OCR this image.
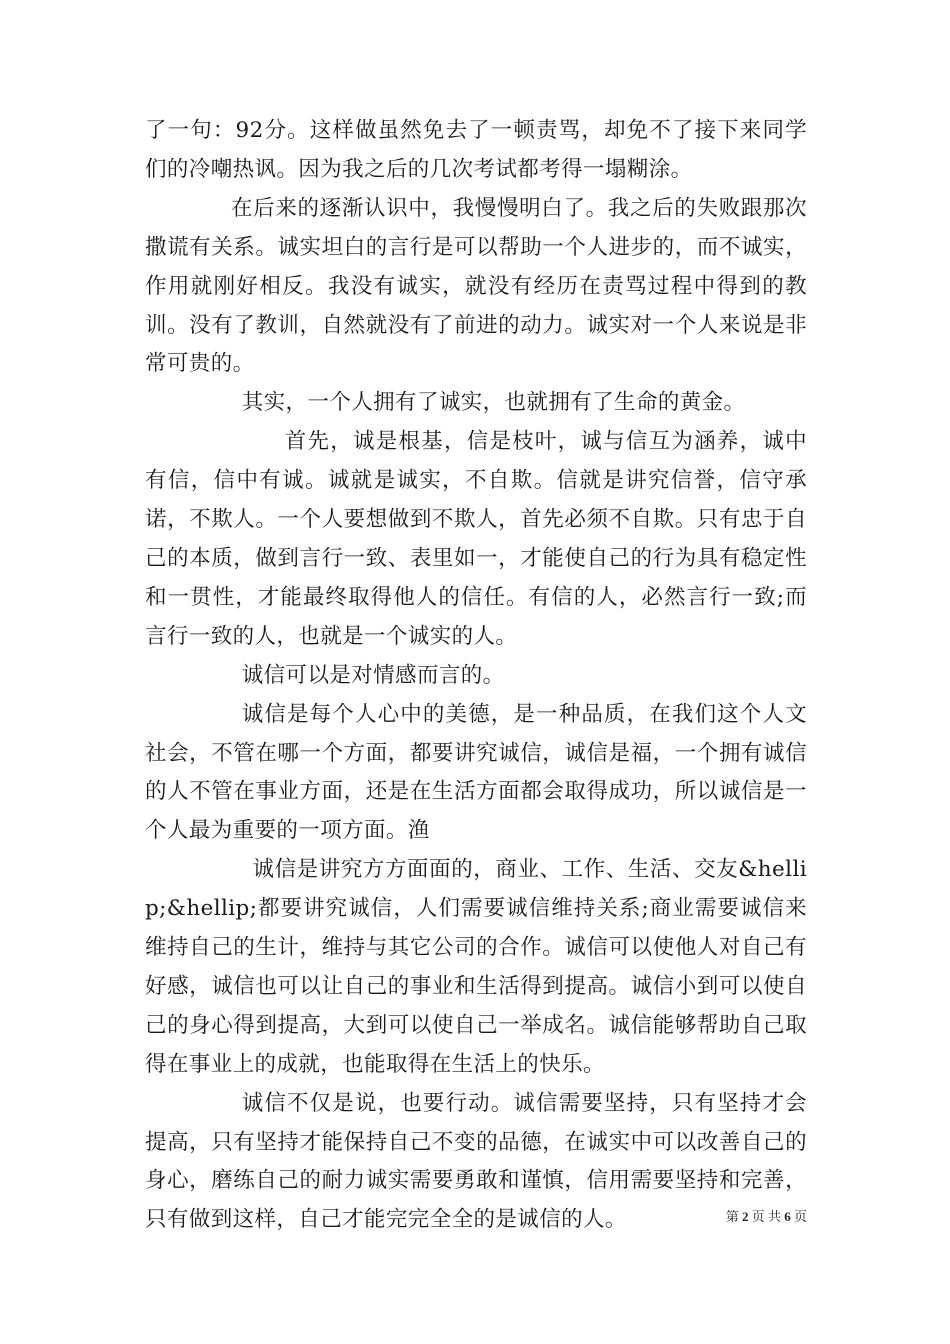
了一句：92分。这样做虽然免去了一顿责骂，却免不了接下来同学们的冷嘲热讽。因为我之后的几次考试都考得一塌糊涂。

在后来的逐渐认识中，我慢慢明白了。我之后的失败跟那次撒谎有关系。诚实坦白的言行是可以帮助一个人进步的，而不诚实，作用就刚好相反。我没有诚实，就没有经历在责骂过程中得到的教训。没有了教训，自然就没有了前进的动力。诚实对一个人来说是非常可贵的。

其实，一个人拥有了诚实，也就拥有了生命的黄金。

首先，诚是根基，信是枝叶，诚与信互为涵养，诚中有信，信中有诚。诚就是诚实，不自欺。信就是讲究信誉，信守承诺，不欺人。一个人要想做到不欺人，首先必须不自欺。只有忠于自己的本质，做到言行一致、表里如一，才能使自己的行为具有稳定性和一贯性，才能最终取得他人的信任。有信的人，必然言行一致;而言行一致的人，也就是一个诚实的人。

诚信可以是对情感而言的。

诚信是每个人心中的美德，是一种品质，在我们这个人文社会，不管在哪一个方面，都要讲究诚信，诚信是福，一个拥有诚信的人不管在事业方面，还是在生活方面都会取得成功，所以诚信是一个人最为重要的一项方面。渔

诚信是讲究方方面面的，商业、工作、生活、交友&hellip;&hellip;都要讲究诚信，人们需要诚信维持关系;商业需要诚信来维持自己的生计，维持与其它公司的合作。诚信可以使他人对自己有好感，诚信也可以让自己的事业和生活得到提高。诚信小到可以使自己的身心得到提高，大到可以使自己一举成名。诚信能够帮助自己取得在事业上的成就，也能取得在生活上的快乐。

诚信不仅是说，也要行动。诚信需要坚持，只有坚持才会提高，只有坚持才能保持自己不变的品德，在诚实中可以改善自己的身心，磨练自己的耐力诚实需要勇敢和谨慎，信用需要坚持和完善，只有做到这样，自己才能完完全全的是诚信的人。	第 2 页 共 6 页
